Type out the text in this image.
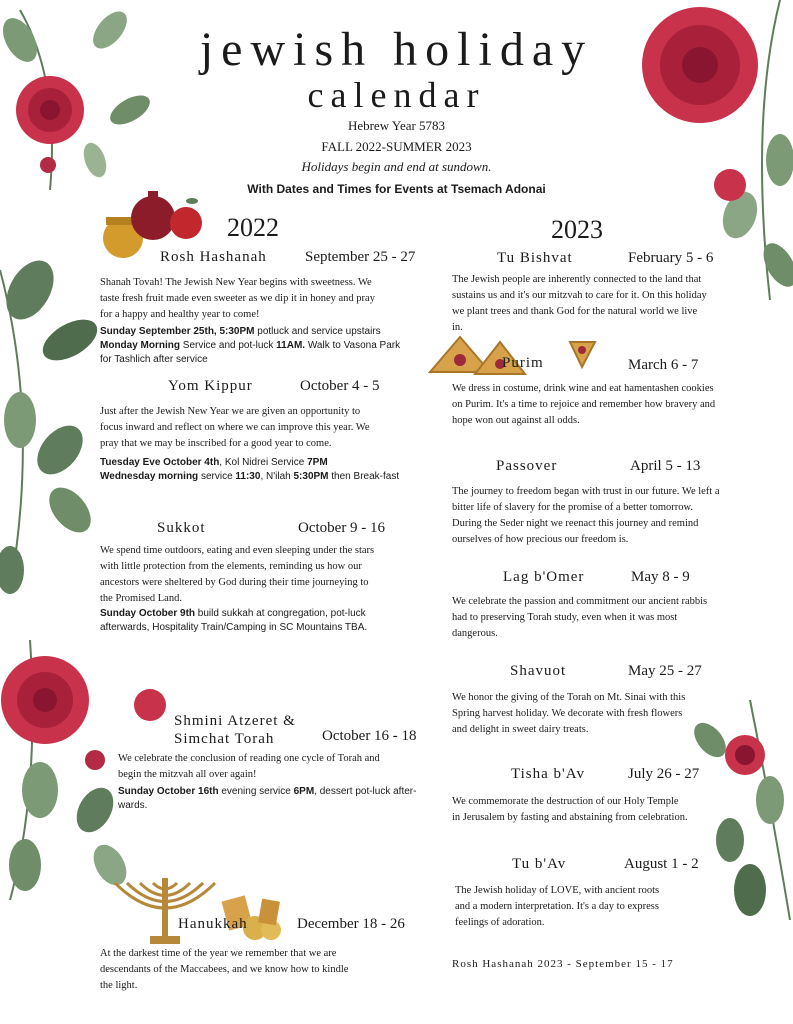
jewish holiday
calendar
Hebrew Year 5783
FALL 2022-SUMMER 2023
Holidays begin and end at sundown.
With Dates and Times for Events at Tsemach Adonai
2022	2023
Rosh Hashanah	September 25 - 27
Shanah Tovah! The Jewish New Year begins with sweetness. We
taste fresh fruit made even sweeter as we dip it in honey and pray
for a happy and healthy year to come!
Sunday September 25th, 5:30PM potluck and service upstairs
Monday Morning Service and pot-luck 11AM. Walk to Vasona Park
for Tashlich after service
Yom Kippur	October 4 - 5
Just after the Jewish New Year we are given an opportunity to
focus inward and reflect on where we can improve this year. We
pray that we may be inscribed for a good year to come.
Tuesday Eve October 4th, Kol Nidrei Service 7PM
Wednesday morning service 11:30, N'ilah 5:30PM then Break-fast
Sukkot	October 9 - 16
We spend time outdoors, eating and even sleeping under the stars
with little protection from the elements, reminding us how our
ancestors were sheltered by God during their time journeying to
the Promised Land.
Sunday October 9th build sukkah at congregation, pot-luck
afterwards, Hospitality Train/Camping in SC Mountains TBA.
Shmini Atzeret &
Simchat Torah	October 16 - 18
We celebrate the conclusion of reading one cycle of Torah and
begin the mitzvah all over again!
Sunday October 16th evening service 6PM, dessert pot-luck after-
wards.
Hanukkah	December 18 - 26
At the darkest time of the year we remember that we are
descendants of the Maccabees, and we know how to kindle
the light.
Tu Bishvat	February 5 - 6
The Jewish people are inherently connected to the land that
sustains us and it's our mitzvah to care for it. On this holiday
we plant trees and thank God for the natural world we live
in.
Purim	March 6 - 7
We dress in costume, drink wine and eat hamentashen cookies
on Purim. It's a time to rejoice and remember how bravery and
hope won out against all odds.
Passover	April 5 - 13
The journey to freedom began with trust in our future. We left a
bitter life of slavery for the promise of a better tomorrow.
During the Seder night we reenact this journey and remind
ourselves of how precious our freedom is.
Lag b'Omer	May 8 - 9
We celebrate the passion and commitment our ancient rabbis
had to preserving Torah study, even when it was most
dangerous.
Shavuot	May 25 - 27
We honor the giving of the Torah on Mt. Sinai with this
Spring harvest holiday. We decorate with fresh flowers
and delight in sweet dairy treats.
Tisha b'Av	July 26 - 27
We commemorate the destruction of our Holy Temple
in Jerusalem by fasting and abstaining from celebration.
Tu b'Av	August 1 - 2
The Jewish holiday of LOVE, with ancient roots
and a modern interpretation. It's a day to express
feelings of adoration.
Rosh Hashanah 2023 - September 15 - 17
